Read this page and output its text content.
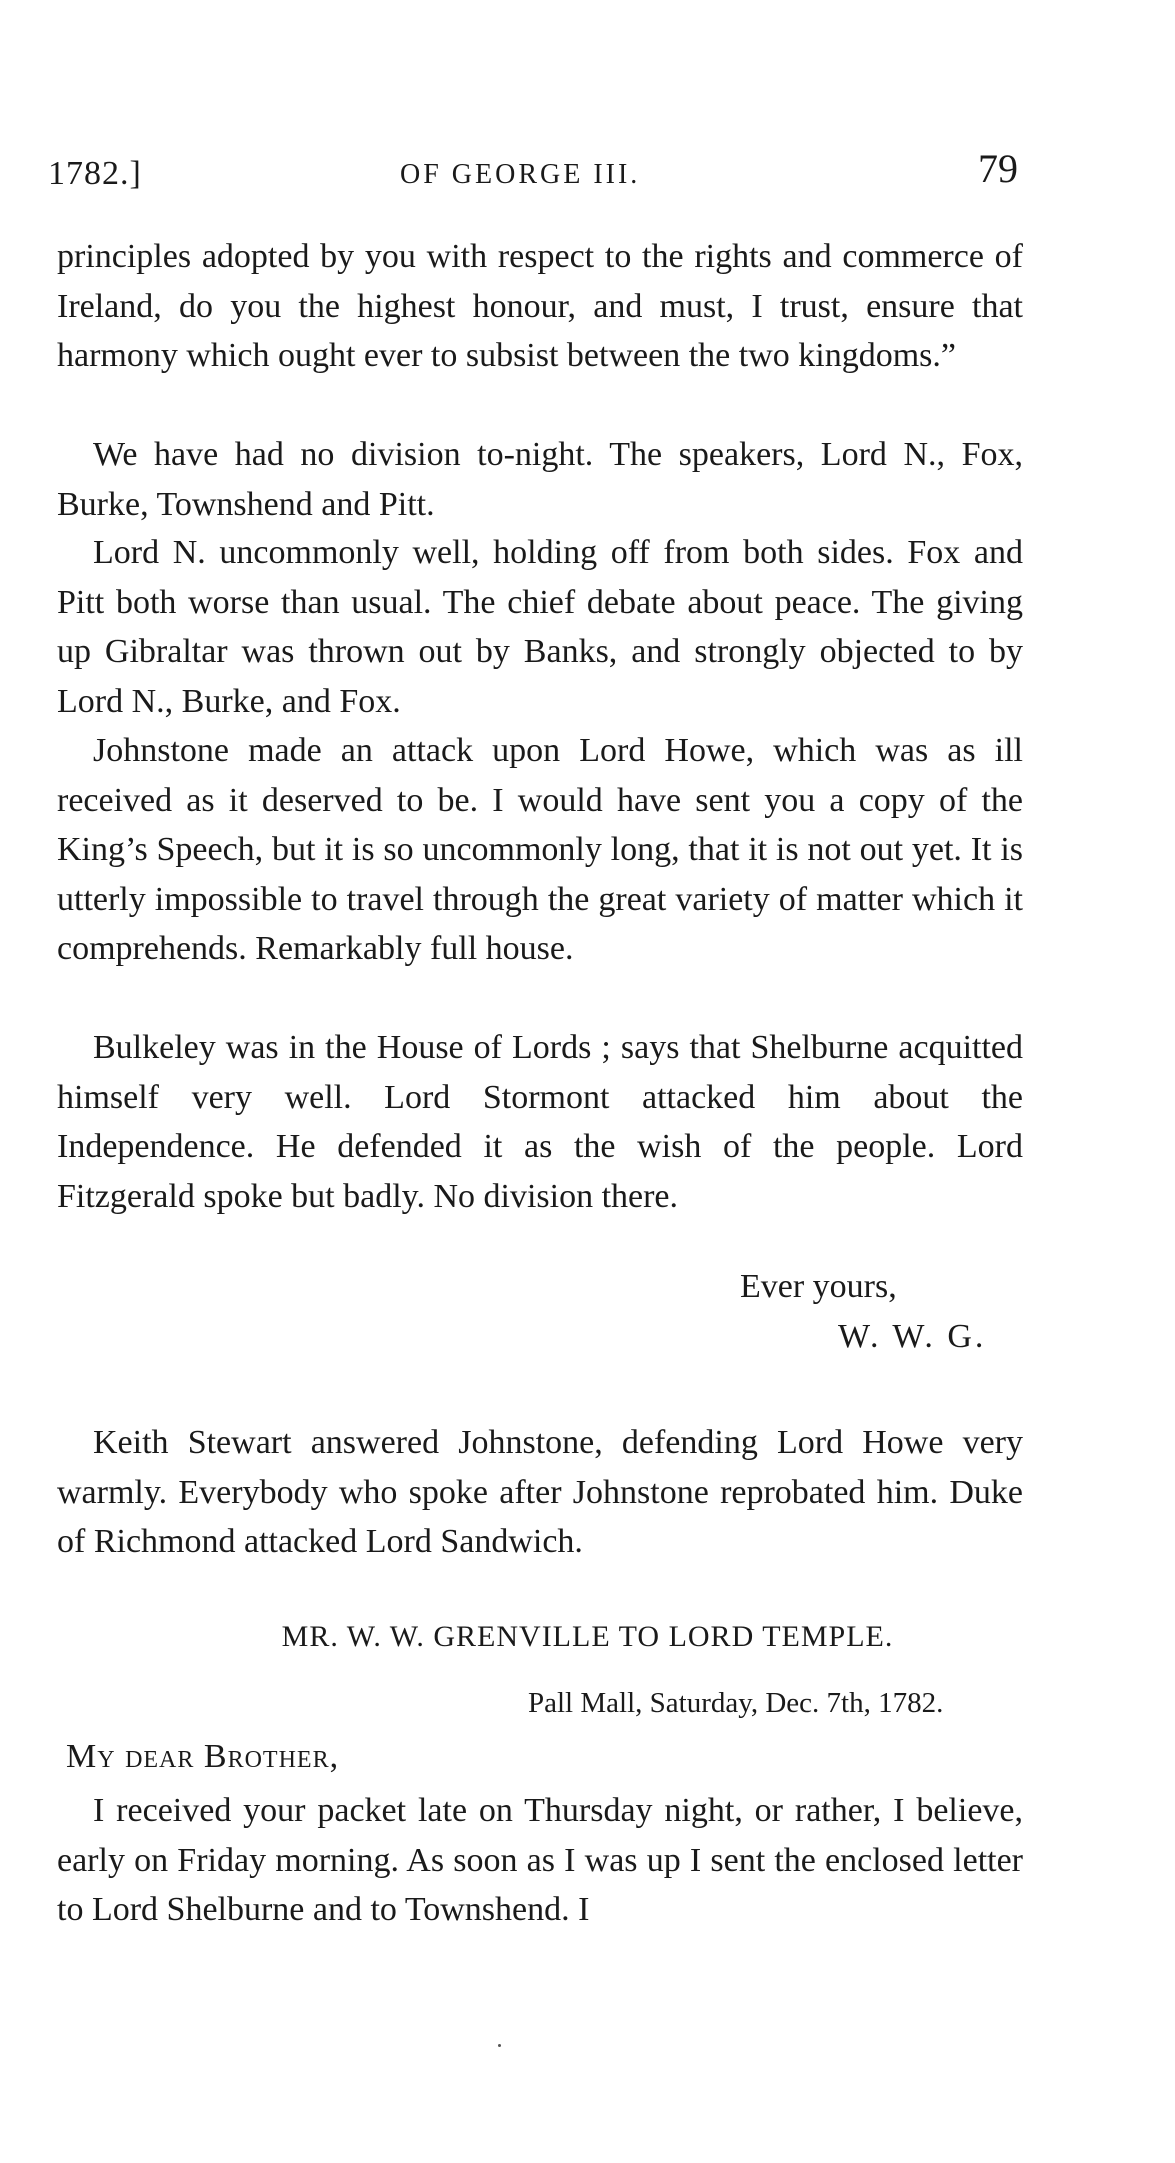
1782.]	OF GEORGE III.	79

principles adopted by you with respect to the rights and commerce of Ireland, do you the highest honour, and must, I trust, ensure that harmony which ought ever to subsist between the two kingdoms.”

We have had no division to-night. The speakers, Lord N., Fox, Burke, Townshend and Pitt.

Lord N. uncommonly well, holding off from both sides. Fox and Pitt both worse than usual. The chief debate about peace. The giving up Gibraltar was thrown out by Banks, and strongly objected to by Lord N., Burke, and Fox.

Johnstone made an attack upon Lord Howe, which was as ill received as it deserved to be. I would have sent you a copy of the King’s Speech, but it is so uncommonly long, that it is not out yet. It is utterly impossible to travel through the great variety of matter which it comprehends. Remarkably full house.

Bulkeley was in the House of Lords ; says that Shelburne acquitted himself very well. Lord Stormont attacked him about the Independence. He defended it as the wish of the people. Lord Fitzgerald spoke but badly. No division there.

Ever yours,
W. W. G.

Keith Stewart answered Johnstone, defending Lord Howe very warmly. Everybody who spoke after Johnstone reprobated him. Duke of Richmond attacked Lord Sandwich.

MR. W. W. GRENVILLE TO LORD TEMPLE.
Pall Mall, Saturday, Dec. 7th, 1782.
My dear Brother,

I received your packet late on Thursday night, or rather, I believe, early on Friday morning. As soon as I was up I sent the enclosed letter to Lord Shelburne and to Townshend. I
